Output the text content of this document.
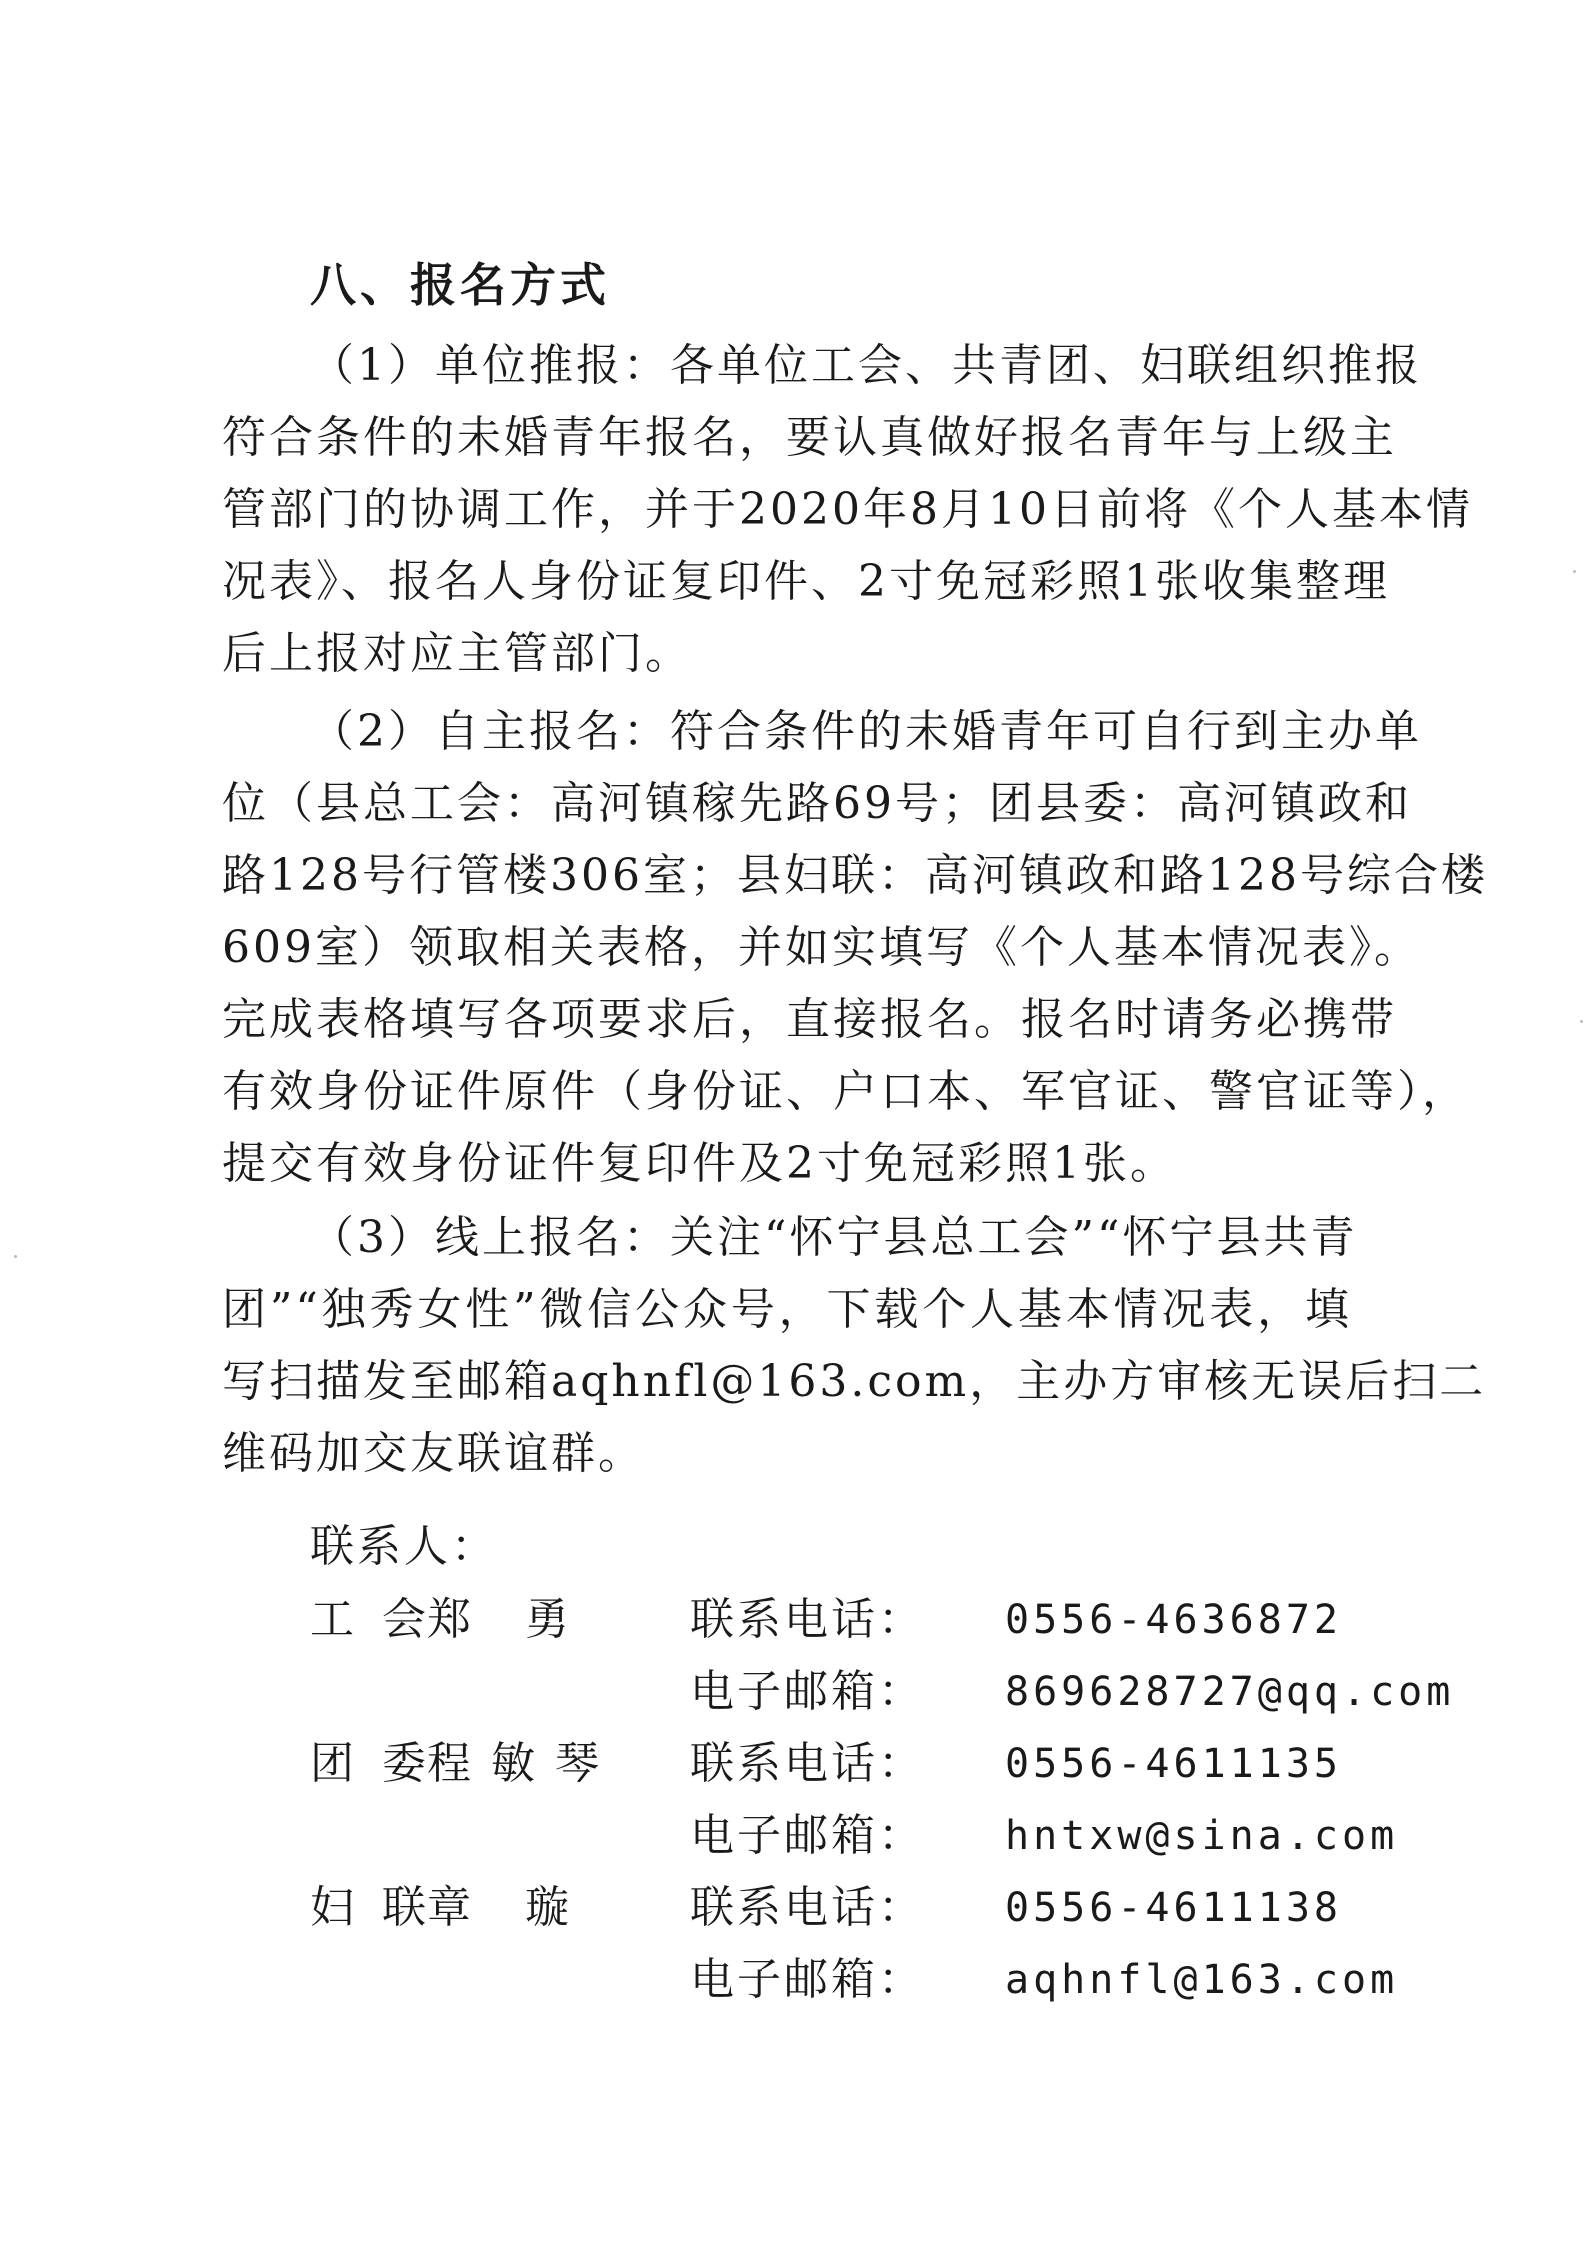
八、报名方式

（1）单位推报：各单位工会、共青团、妇联组织推报
符合条件的未婚青年报名，要认真做好报名青年与上级主
管部门的协调工作，并于2020年8月10日前将《个人基本情
况表》、报名人身份证复印件、2寸免冠彩照1张收集整理
后上报对应主管部门。

（2）自主报名：符合条件的未婚青年可自行到主办单
位（县总工会：高河镇稼先路69号；团县委：高河镇政和
路128号行管楼306室；县妇联：高河镇政和路128号综合楼
609室）领取相关表格，并如实填写《个人基本情况表》。
完成表格填写各项要求后，直接报名。报名时请务必携带
有效身份证件原件（身份证、户口本、军官证、警官证等），
提交有效身份证件复印件及2寸免冠彩照1张。

（3）线上报名：关注“怀宁县总工会”“怀宁县共青
团”“独秀女性”微信公众号，下载个人基本情况表，填
写扫描发至邮箱aqhnfl@163.com，主办方审核无误后扫二
维码加交友联谊群。

联系人：
工会 郑 勇 联系电话： 0556-4636872

电子邮箱： 869628727@qq.com
团委 程敏琴 联系电话： 0556-4611135

电子邮箱： hntxw@sina.com
妇联 章 璇 联系电话： 0556-4611138

电子邮箱： aqhnfl@163.com
